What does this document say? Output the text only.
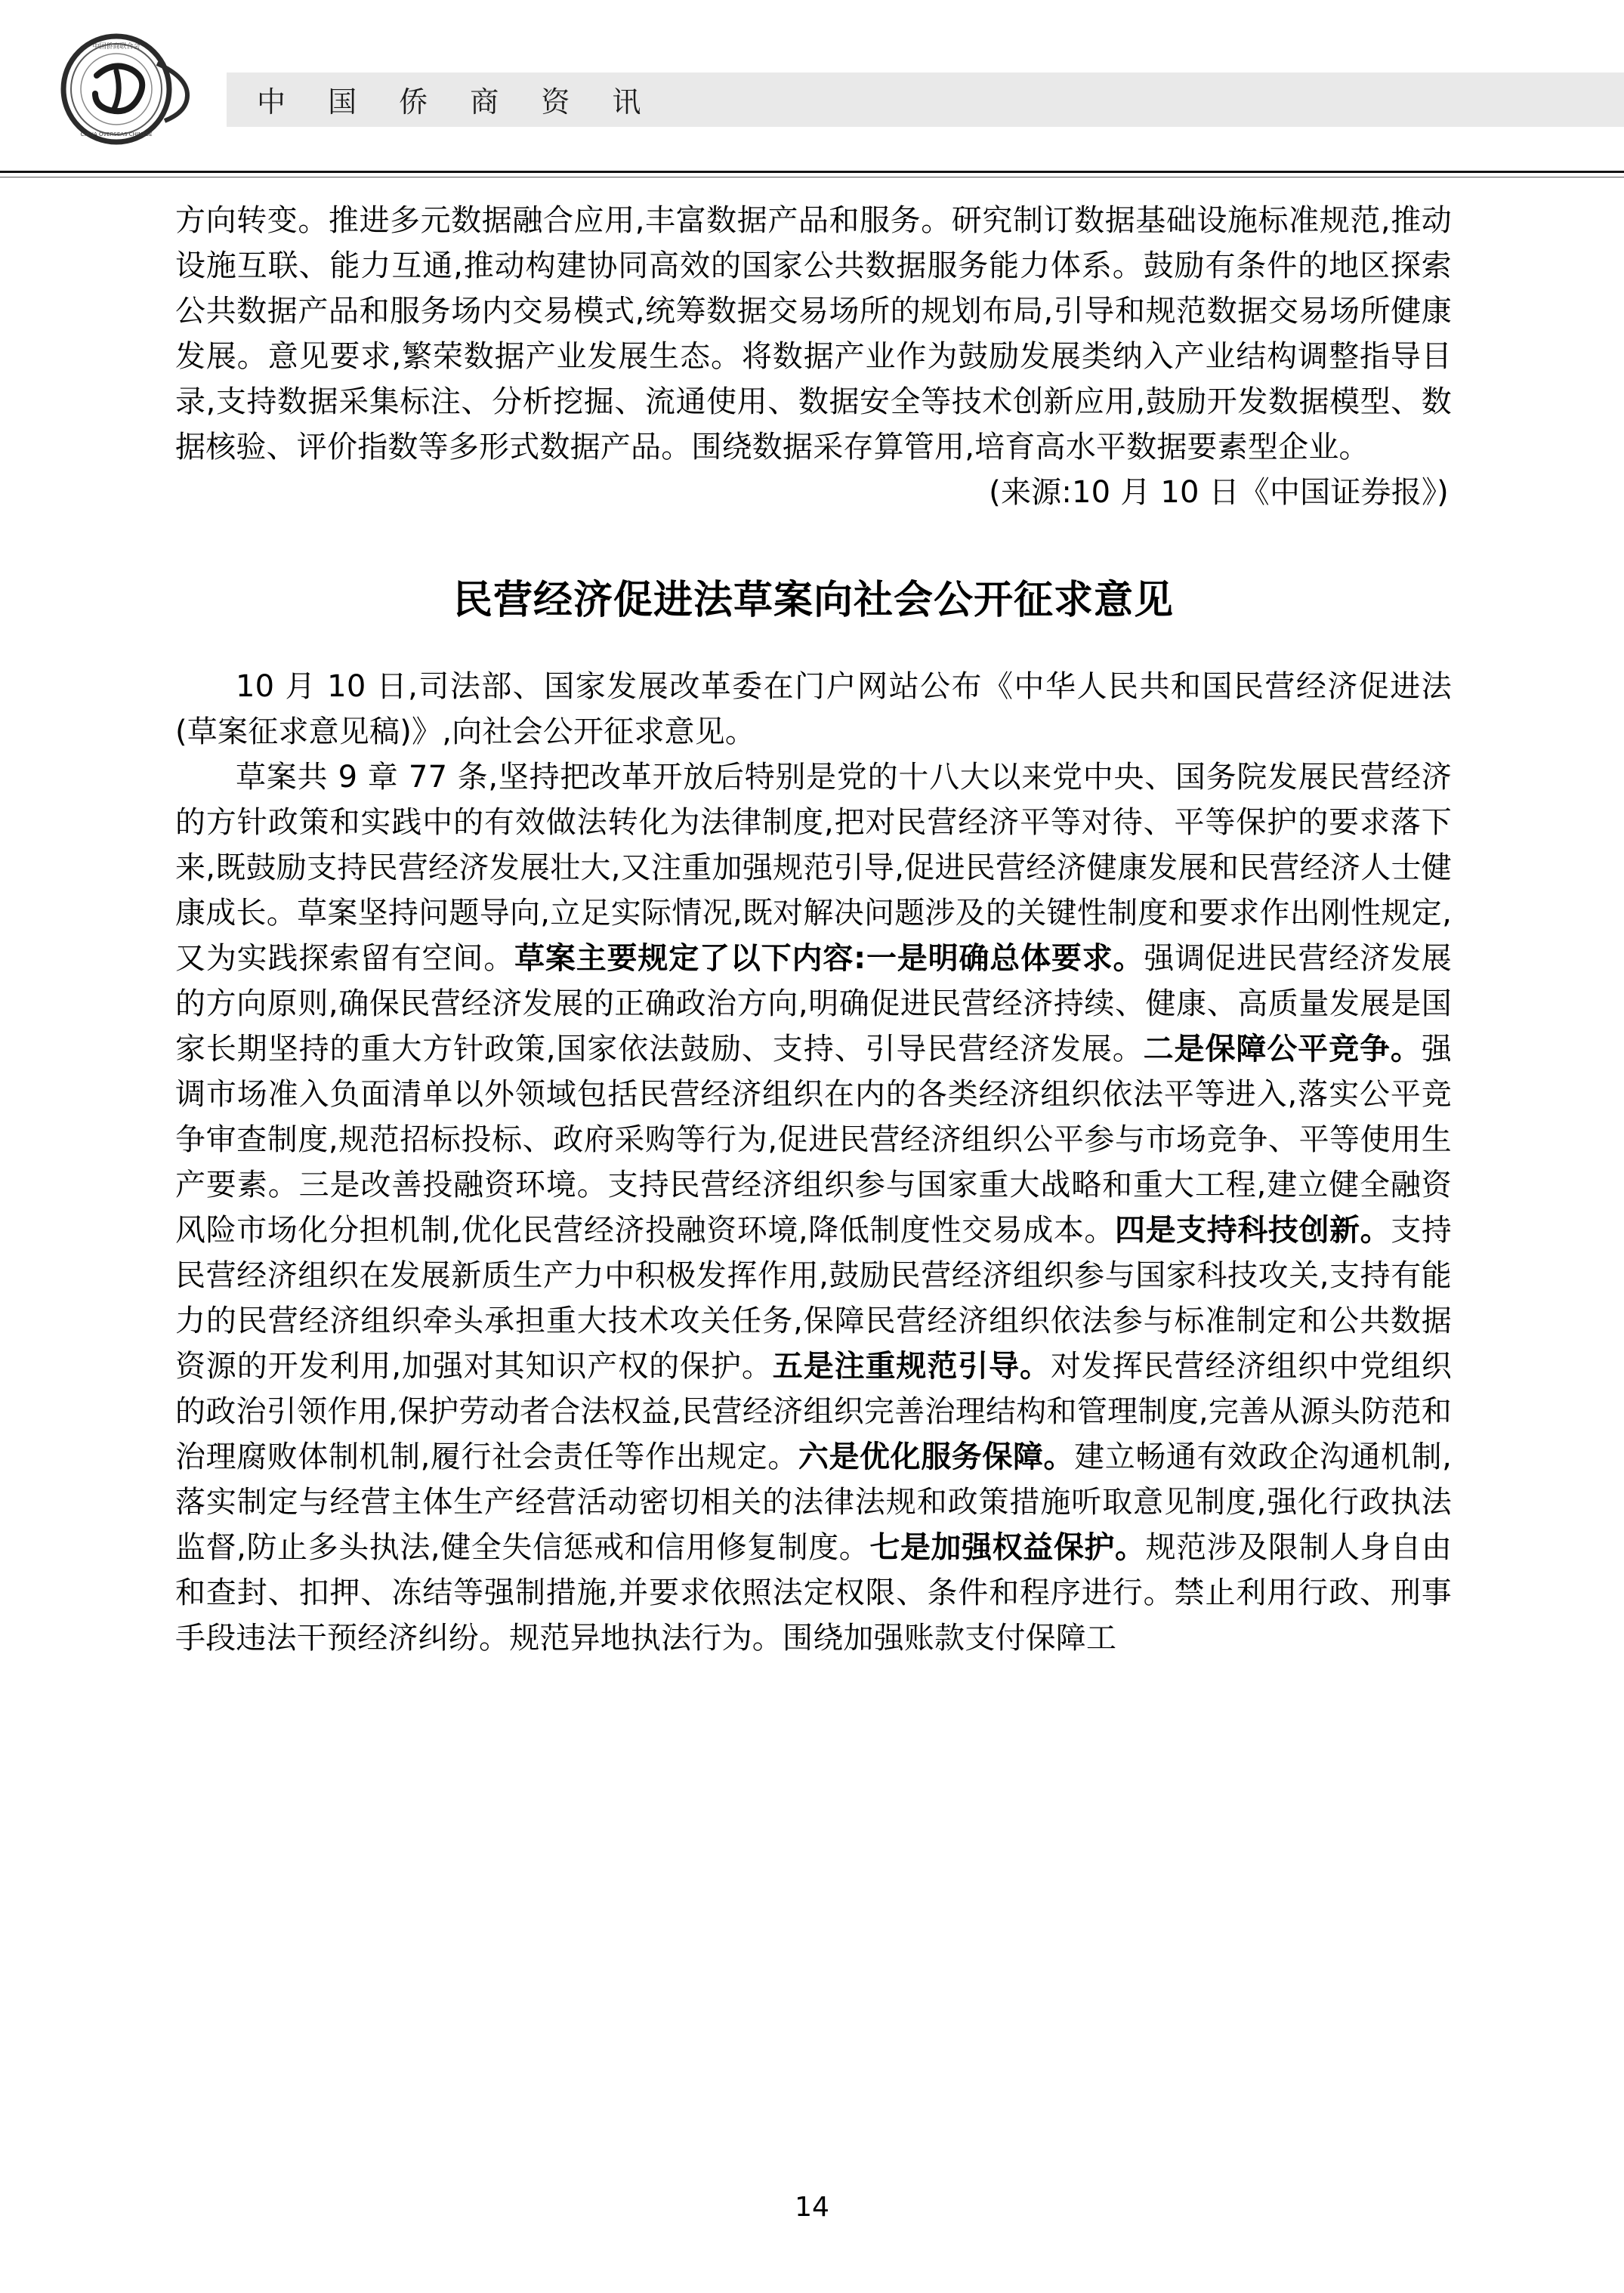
中国侨商联合会
CHINA OVERSEAS CHINESE
中 国 侨 商 资 讯

方向转变。推进多元数据融合应用,丰富数据产品和服务。研究制订数据基础设施标准规范,推动设施互联、能力互通,推动构建协同高效的国家公共数据服务能力体系。鼓励有条件的地区探索公共数据产品和服务场内交易模式,统筹数据交易场所的规划布局,引导和规范数据交易场所健康发展。意见要求,繁荣数据产业发展生态。将数据产业作为鼓励发展类纳入产业结构调整指导目录,支持数据采集标注、分析挖掘、流通使用、数据安全等技术创新应用,鼓励开发数据模型、数据核验、评价指数等多形式数据产品。围绕数据采存算管用,培育高水平数据要素型企业。

(来源:10 月 10 日《中国证券报》)

民营经济促进法草案向社会公开征求意见

10 月 10 日,司法部、国家发展改革委在门户网站公布《中华人民共和国民营经济促进法(草案征求意见稿)》,向社会公开征求意见。

草案共 9 章 77 条,坚持把改革开放后特别是党的十八大以来党中央、国务院发展民营经济的方针政策和实践中的有效做法转化为法律制度,把对民营经济平等对待、平等保护的要求落下来,既鼓励支持民营经济发展壮大,又注重加强规范引导,促进民营经济健康发展和民营经济人士健康成长。草案坚持问题导向,立足实际情况,既对解决问题涉及的关键性制度和要求作出刚性规定,又为实践探索留有空间。草案主要规定了以下内容:一是明确总体要求。强调促进民营经济发展的方向原则,确保民营经济发展的正确政治方向,明确促进民营经济持续、健康、高质量发展是国家长期坚持的重大方针政策,国家依法鼓励、支持、引导民营经济发展。二是保障公平竞争。强调市场准入负面清单以外领域包括民营经济组织在内的各类经济组织依法平等进入,落实公平竞争审查制度,规范招标投标、政府采购等行为,促进民营经济组织公平参与市场竞争、平等使用生产要素。三是改善投融资环境。支持民营经济组织参与国家重大战略和重大工程,建立健全融资风险市场化分担机制,优化民营经济投融资环境,降低制度性交易成本。四是支持科技创新。支持民营经济组织在发展新质生产力中积极发挥作用,鼓励民营经济组织参与国家科技攻关,支持有能力的民营经济组织牵头承担重大技术攻关任务,保障民营经济组织依法参与标准制定和公共数据资源的开发利用,加强对其知识产权的保护。五是注重规范引导。对发挥民营经济组织中党组织的政治引领作用,保护劳动者合法权益,民营经济组织完善治理结构和管理制度,完善从源头防范和治理腐败体制机制,履行社会责任等作出规定。六是优化服务保障。建立畅通有效政企沟通机制,落实制定与经营主体生产经营活动密切相关的法律法规和政策措施听取意见制度,强化行政执法监督,防止多头执法,健全失信惩戒和信用修复制度。七是加强权益保护。规范涉及限制人身自由和查封、扣押、冻结等强制措施,并要求依照法定权限、条件和程序进行。禁止利用行政、刑事手段违法干预经济纠纷。规范异地执法行为。围绕加强账款支付保障工

14
